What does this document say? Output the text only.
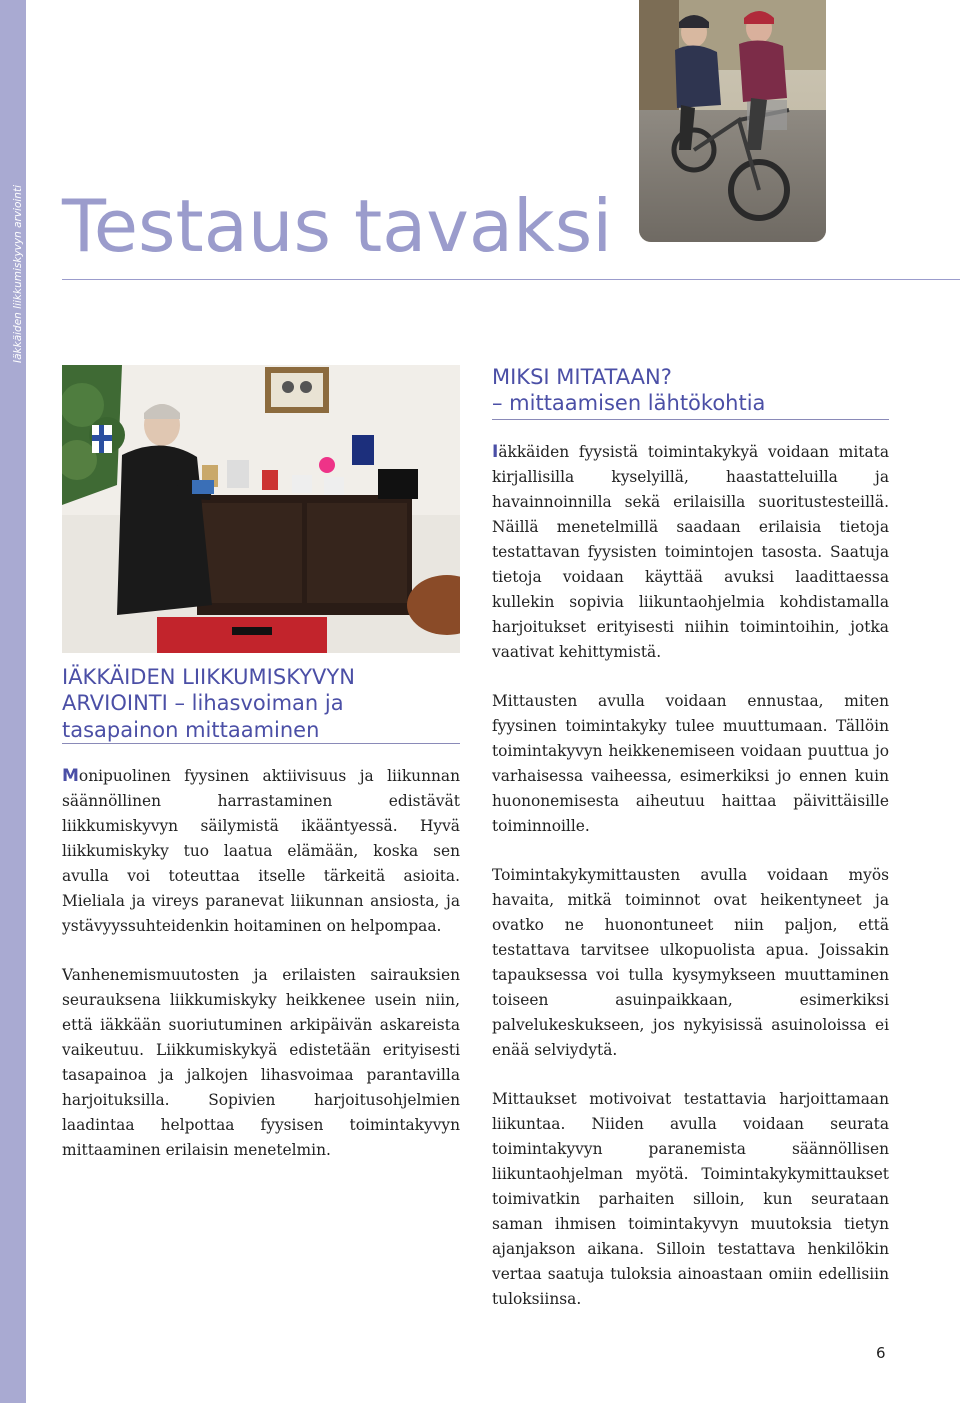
Testaus tavaksi – tapoja testaukseen
Iäkkäiden liikkumiskyvyn arviointi Testaus tavaksi
MIKSI MITATAAN?
– mittaamisen lähtökohtia

Iäkkäiden fyysistä toimintakykyä voidaan mitata kirjallisilla kyselyillä, haastatteluilla ja havainnoinnilla sekä erilaisilla suoritustesteillä. Näillä menetelmillä saadaan erilaisia tietoja testattavan fyysisten toimintojen tasosta. Saatuja tietoja voidaan käyttää avuksi laadittaessa kullekin sopivia liikuntaohjelmia kohdistamalla harjoitukset erityisesti niihin toimintoihin, jotka vaativat kehittymistä.

Mittausten avulla voidaan ennustaa, miten fyysinen toimintakyky tulee muuttumaan. Tällöin toimintakyvyn heikkenemiseen voidaan puuttua jo varhaisessa vaiheessa, esimerkiksi jo ennen kuin huononemisesta aiheutuu haittaa päivittäisille toiminnoille.

Toimintakykymittausten avulla voidaan myös havaita, mitkä toiminnot ovat heikentyneet ja ovatko ne huonontuneet niin paljon, että testattava tarvitsee ulkopuolista apua. Joissakin tapauksessa voi tulla kysymykseen muuttaminen toiseen asuinpaikkaan, esimerkiksi palvelukeskukseen, jos nykyisissä asuinoloissa ei enää selviydytä.

Mittaukset motivoivat testattavia harjoittamaan liikuntaa. Niiden avulla voidaan seurata toimintakyvyn paranemista säännöllisen liikuntaohjelman myötä. Toimintakykymittaukset toimivatkin parhaiten silloin, kun seurataan saman ihmisen toimintakyvyn muutoksia tietyn ajanjakson aikana. Silloin testattava henkilökin vertaa saatuja tuloksia ainoastaan omiin edellisiin tuloksiinsa.

IÄKKÄIDEN LIIKKUMISKYVYN
ARVIOINTI – lihasvoiman ja
tasapainon mittaaminen

Monipuolinen fyysinen aktiivisuus ja liikunnan säännöllinen harrastaminen edistävät liikkumiskyvyn säilymistä ikääntyessä. Hyvä liikkumiskyky tuo laatua elämään, koska sen avulla voi toteuttaa itselle tärkeitä asioita. Mieliala ja vireys paranevat liikunnan ansiosta, ja ystävyyssuhteidenkin hoitaminen on helpompaa.

Vanhenemismuutosten ja erilaisten sairauksien seurauksena liikkumiskyky heikkenee usein niin, että iäkkään suoriutuminen arkipäivän askareista vaikeutuu. Liikkumiskykyä edistetään erityisesti tasapainoa ja jalkojen lihasvoimaa parantavilla harjoituksilla. Sopivien harjoitusohjelmien laadintaa helpottaa fyysisen toimintakyvyn mittaaminen erilaisin menetelmin.

6
